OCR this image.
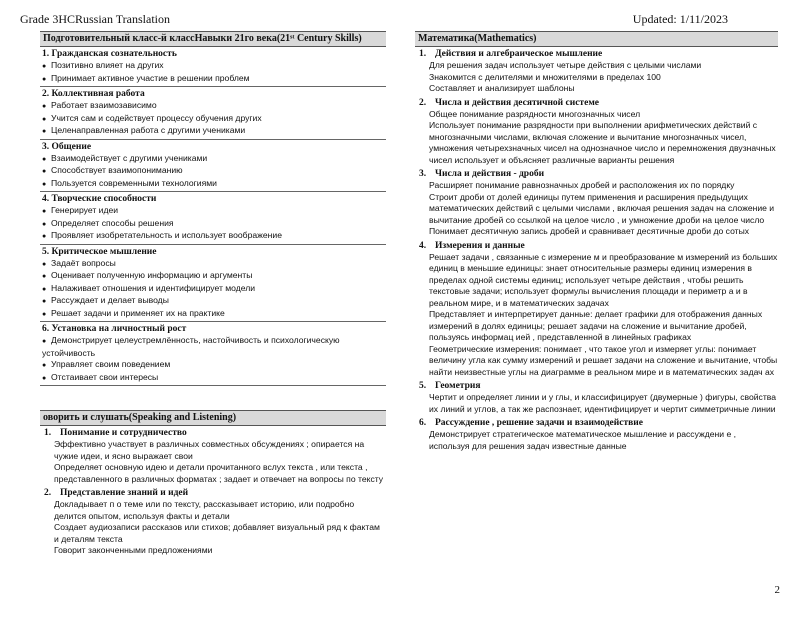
Grade 3HCRussian Translation	Updated: 1/11/2023
Подготовительный класс-й классНавыки 21го века(21ˢᵗ Century Skills)
1. Гражданская сознательность
● Позитивно влияет на других
● Принимает активное участие в решении проблем
2. Коллективная работа
● Работает взаимозависимо
● Учится сам и содействует процессу обучения других
● Целенаправленная работа с другими учениками
3. Общение
● Взаимодействует с другими учениками
● Способствует взаимопониманию
● Пользуется современными технологиями
4. Творческие способности
● Генерирует идеи
● Определяет способы решения
● Проявляет изобретательность и использует воображение
5. Критическое мышление
● Задаёт вопросы
● Оценивает полученную информацию и аргументы
● Налаживает отношения и идентифицирует модели
● Рассуждает и делает выводы
● Решает задачи и применяет их на практике
6. Установка на личностный рост
● Демонстрирует целеустремлённость, настойчивость и психологическую устойчивость
● Управляет своим поведением
● Отстаивает свои интересы
оворить и слушать(Speaking and Listening)
1. Понимание и сотрудничество
Эффективно участвует в различных совместных обсуждениях ; опирается на чужие идеи, и ясно выражает свои
Определяет основную идею и детали прочитанного вслух текста , или текста , представленного в различных форматах ; задает и отвечает на вопросы по тексту
2. Представление знаний и идей
Докладывает п о теме или по тексту, рассказывает историю, или подробно делится опытом, используя факты и детали
Создает аудиозаписи рассказов или стихов; добавляет визуальный ряд к фактам и деталям текста
Говорит законченными предложениями
Математика(Mathematics)
1. Действия и алгебраическое мышление
Для решения задач использует четыре действия с целыми числами
Знакомится с делителями и множителями в пределах 100
Составляет и анализирует шаблоны
2. Числа и действия десятичной системе
Общее понимание разрядности многозначных чисел
Использует понимание разрядности при выполнении арифметических действий с многозначными числами, включая сложение и вычитание многозначных чисел, умножения четырехзначных чисел на однозначное число и перемножения двузначных чисел использует и объясняет различные варианты решения
3. Числа и действия - дроби
Расширяет понимание равнозначных дробей и расположения их по порядку
Строит дроби от долей единицы путем применения и расширения предыдущих математических действий с целыми числами , включая решения задач на сложение и вычитание дробей со ссылкой на целое число , и умножение дроби на целое число
Понимает десятичную запись дробей и сравнивает десятичные дроби до сотых
4. Измерения и данные
Решает задачи , связанные с измерение м и преобразование м измерений из больших единиц в меньшие единицы: знает относительные размеры единиц измерения в пределах одной системы единиц; использует четыре действия , чтобы решить текстовые задачи; использует формулы вычисления площади и периметр а и в реальном мире, и в математических задачах
Представляет и интерпретирует данные: делает графики для отображения данных измерений в долях единицы; решает задачи на сложение и вычитание дробей, пользуясь информац ией , представленной в линейных графиках
Геометрические измерения: понимает , что такое угол и измеряет углы: понимает величину угла как сумму измерений и решает задачи на сложение и вычитание, чтобы найти неизвестные углы на диаграмме в реальном мире и в математических задач ах
5. Геометрия
Чертит и определяет линии и у глы, и классифицирует (двумерные ) фигуры, свойства их линий и углов, а так же распознает, идентифицирует и чертит симметричные линии
6. Рассуждение , решение задачи и взаимодействие
Демонстрирует стратегическое математическое мышление и рассуждени е , используя для решения задач известные данные
2
